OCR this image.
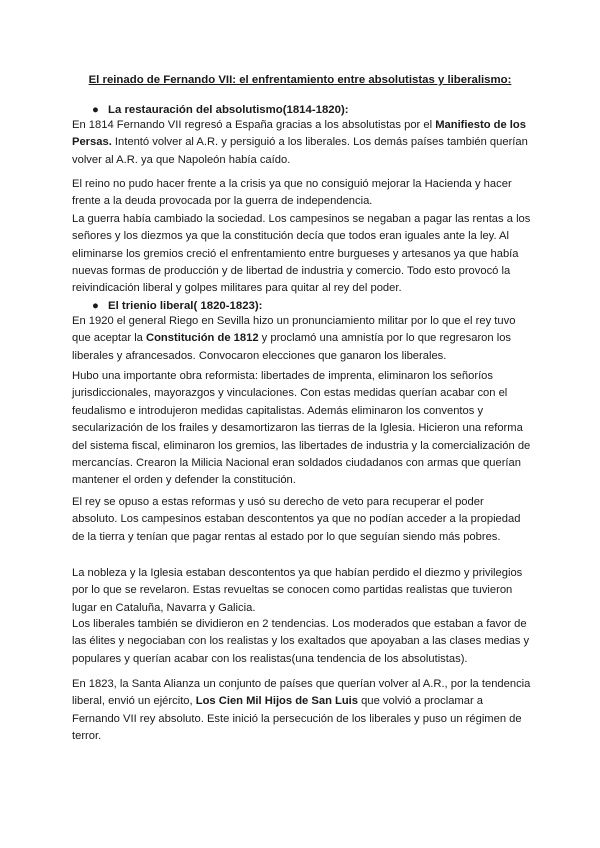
El reinado de Fernando VII: el enfrentamiento entre absolutistas y liberalismo:
● La restauración del absolutismo(1814-1820):

En 1814 Fernando VII regresó a España gracias a los absolutistas por el Manifiesto de los Persas. Intentó volver al A.R. y persiguió a los liberales. Los demás países también querían volver al A.R. ya que Napoleón había caído.

El reino no pudo hacer frente a la crisis ya que no consiguió mejorar la Hacienda y hacer frente a la deuda provocada por la guerra de independencia.

La guerra había cambiado la sociedad. Los campesinos se negaban a pagar las rentas a los señores y los diezmos ya que la constitución decía que todos eran iguales ante la ley. Al eliminarse los gremios creció el enfrentamiento entre burgueses y artesanos ya que había nuevas formas de producción y de libertad de industria y comercio. Todo esto provocó la reivindicación liberal y golpes militares para quitar al rey del poder.

● El trienio liberal( 1820-1823):

En 1920 el general Riego en Sevilla hizo un pronunciamiento militar por lo que el rey tuvo que aceptar la Constitución de 1812 y proclamó una amnistía por lo que regresaron los liberales y afrancesados. Convocaron elecciones que ganaron los liberales.

Hubo una importante obra reformista: libertades de imprenta, eliminaron los señoríos jurisdiccionales, mayorazgos y vinculaciones. Con estas medidas querían acabar con el feudalismo e introdujeron medidas capitalistas. Además eliminaron los conventos y secularización de los frailes y desamortizaron las tierras de la Iglesia. Hicieron una reforma del sistema fiscal, eliminaron los gremios, las libertades de industria y la comercialización de mercancías. Crearon la Milicia Nacional eran soldados ciudadanos con armas que querían mantener el orden y defender la constitución.

El rey se opuso a estas reformas y usó su derecho de veto para recuperar el poder absoluto. Los campesinos estaban descontentos ya que no podían acceder a la propiedad de la tierra y tenían que pagar rentas al estado por lo que seguían siendo más pobres.

La nobleza y la Iglesia estaban descontentos ya que habían perdido el diezmo y privilegios por lo que se revelaron. Estas revueltas se conocen como partidas realistas que tuvieron lugar en Cataluña, Navarra y Galicia.

Los liberales también se dividieron en 2 tendencias. Los moderados que estaban a favor de las élites y negociaban con los realistas y los exaltados que apoyaban a las clases medias y populares y querían acabar con los realistas(una tendencia de los absolutistas).

En 1823, la Santa Alianza un conjunto de países que querían volver al A.R., por la tendencia liberal, envió un ejército, Los Cien Mil Hijos de San Luis que volvió a proclamar a Fernando VII rey absoluto. Este inició la persecución de los liberales y puso un régimen de terror.
